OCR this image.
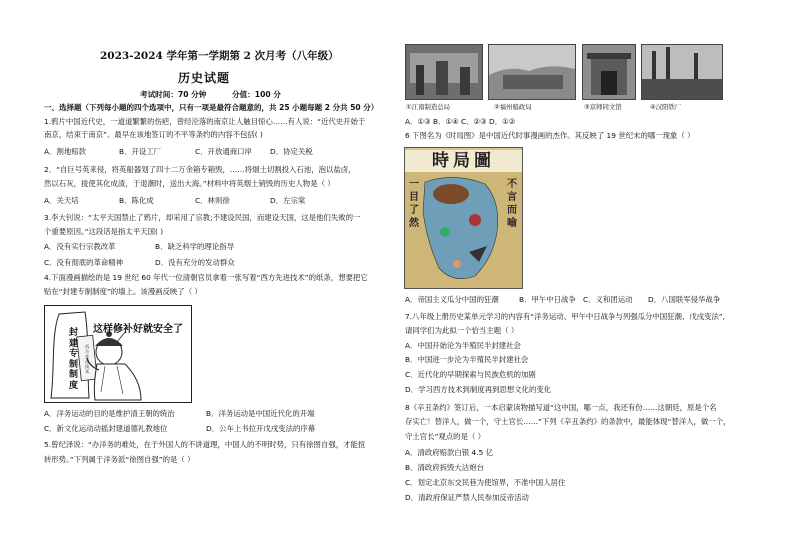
2023-2024 学年第一学期第 2 次月考（八年级）
历史试题
考试时间：70 分钟	分值：100 分
一、选择题（下列每小题的四个选项中，只有一项是最符合题意的，共 25 小题每题 2 分共 50 分）
1.鸦片中国近代史，一道道繁繁的伤疤，曾经沦落的南京让人触目惊心……有人说：“近代史开始于
南京，结束于南京”。最早在该地签订的不平等条约的内容不包括( )
A．割地赔款	B．开设工厂	C．开放通商口岸 D．协定关税
2．“自巨号英来侵，将英船器划了四十二万余箱专箱毁，……将烟土切割投入石池，泡以盐卤，
然以石灰，拢使其化成渣，于退潮时，送出大海。”材料中将英烟土销毁的历史人物是（ ）
A．关天培	B．陈化成	C．林则徐	D．左宗棠
3.李大钊说：“太平天国禁止了鸦片，却采用了宗教;不建设民国，而建设天国，这是他们失败的一
个重要原因。”这段话是指太平天国( )
A．没有实行宗教改革	B．缺乏科学的理论指导
C．没有彻底的革命精神	D．没有充分的发动群众
4.下面漫画描绘的是 19 世纪 60 年代一位清朝官员拿着一张写着“西方先进技术”的纸条，想要把它
贴在“封建专制制度”的墙上。该漫画反映了（ ）
封建专制制度
西方先进技术
这样修补好就安全了
A．洋务运动的目的是维护清王朝的统治	B．洋务运动是中国近代化的开端
C．新文化运动动摇封建道德礼教地位	D．公车上书拉开戊戌变法的序幕
5.曾纪泽说：“办洋务的难处，在于外国人的不讲道理，中国人的不明时势，只有徐图自强，才能扭
转形势。”下列属于洋务派“徐图自强”的是（ ）
①江南制造总局	②福州船政局	③京师同文馆	④汉阳铁厂
A．①③ B．①④ C．②③ D．①②
6 下图名为《时局图》是中国近代时事漫画的杰作。其反映了 19 世纪末的哪一现象（ ）
時局圖
一目了然
不言而喻
A．帝国主义瓜分中国的狂潮	B．甲午中日战争 C．义和团运动 D．八国联军侵华战争
7.八年级上册历史某单元学习的内容有“洋务运动、甲午中日战争与列强瓜分中国狂潮、戊戌变法”,
请同学们为此拟一个恰当主题（ ）
A．中国开始沦为半殖民半封建社会
B．中国进一步沦为半殖民半封建社会
C．近代化的早期探索与民族危机的加剧
D．学习西方技术到制度再到思想文化的变化
8《辛丑条约》签订后，一本启蒙读物描写道“这中国，哪一点，我还有份……这朝廷，原是个名
存实亡！替洋人，做一个，守土官长……”下列《辛丑条约》的条款中，最能体现“替洋人，做一个，
守土官长”观点的是（ ）
A．清政府赔款白银 4.5 亿
B．清政府拆毁大沽炮台
C．划定北京东交民巷为使馆界，不准中国人居住
D．清政府保证严禁人民参加反帝活动
